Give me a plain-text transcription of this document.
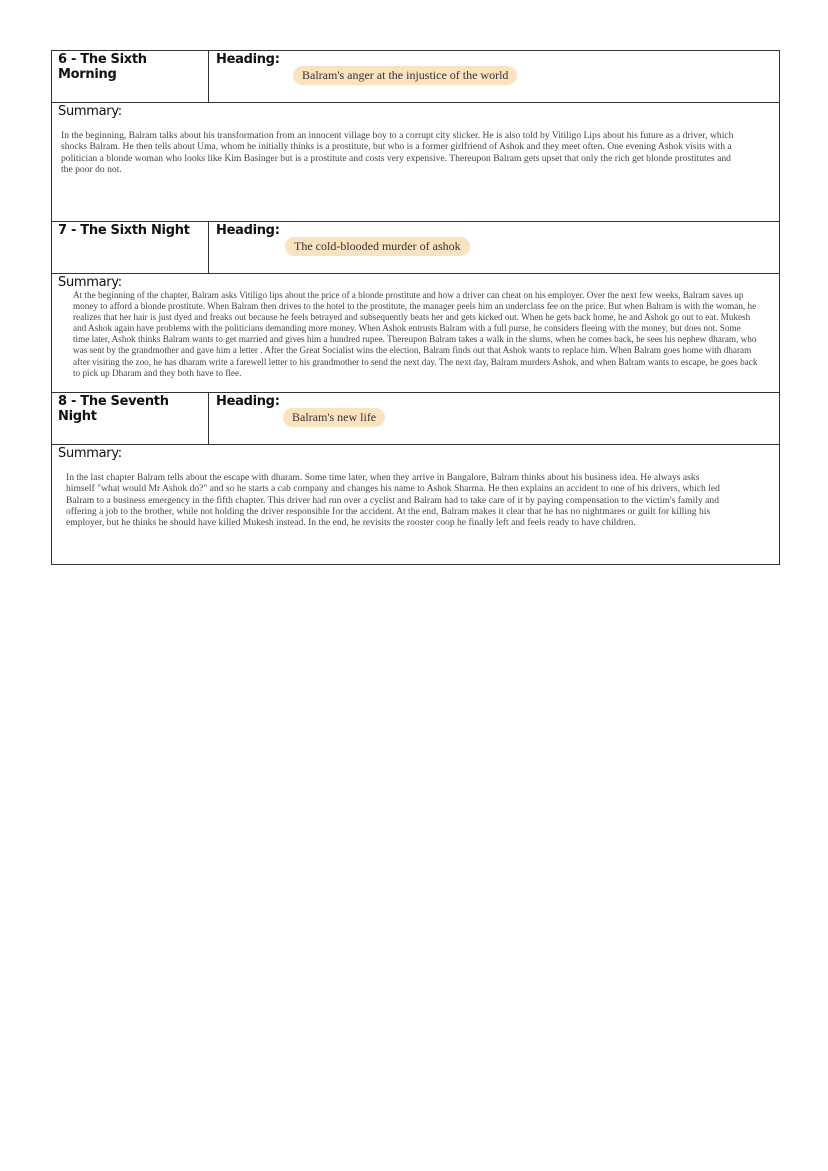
6 - The Sixth Morning
Heading:
Balram's anger at the injustice of the world
Summary:
In the beginning, Balram talks about his transformation from an innocent village boy to a corrupt city slicker. He is also told by Vitiligo Lips about his future as a driver, which shocks Balram. He then tells about Uma, whom he initially thinks is a prostitute, but who is a former girlfriend of Ashok and they meet often. One evening Ashok visits with a politician a blonde woman who looks like Kim Basinger but is a prostitute and costs very expensive. Thereupon Balram gets upset that only the rich get blonde prostitutes and the poor do not.
7 - The Sixth Night	Heading:
The cold-blooded murder of ashok
Summary:
At the beginning of the chapter, Balram asks Vitiligo lips about the price of a blonde prostitute and how a driver can cheat on his employer. Over the next few weeks, Balram saves up money to afford a blonde prostitute. When Balram then drives to the hotel to the prostitute, the manager peels him an underclass fee on the price. But when Balram is with the woman, he realizes that her hair is just dyed and freaks out because he feels betrayed and subsequently beats her and gets kicked out. When he gets back home, he and Ashok go out to eat. Mukesh and Ashok again have problems with the politicians demanding more money. When Ashok entrusts Balram with a full purse, he considers fleeing with the money, but does not. Some time later, Ashok thinks Balram wants to get married and gives him a hundred rupee. Thereupon Balram takes a walk in the slums, when he comes back, he sees his nephew dharam, who was sent by the grandmother and gave him a letter . After the Great Socialist wins the election, Balram finds out that Ashok wants to replace him. When Balram goes home with dharam after visiting the zoo, he has dharam write a farewell letter to his grandmother to send the next day. The next day, Balram murders Ashok, and when Balram wants to escape, he goes back to pick up Dharam and they both have to flee.
8 - The Seventh Night
Heading:
Balram's new life
Summary:
In the last chapter Balram tells about the escape with dharam. Some time later, when they arrive in Bangalore, Balram thinks about his business idea. He always asks himself "what would Mr Ashok do?" and so he starts a cab company and changes his name to Ashok Sharma. He then explains an accident to one of his drivers, which led Balram to a business emergency in the fifth chapter. This driver had run over a cyclist and Balram had to take care of it by paying compensation to the victim's family and offering a job to the brother, while not holding the driver responsible for the accident. At the end, Balram makes it clear that he has no nightmares or guilt for killing his employer, but he thinks he should have killed Mukesh instead. In the end, he revisits the rooster coop he finally left and feels ready to have children.
